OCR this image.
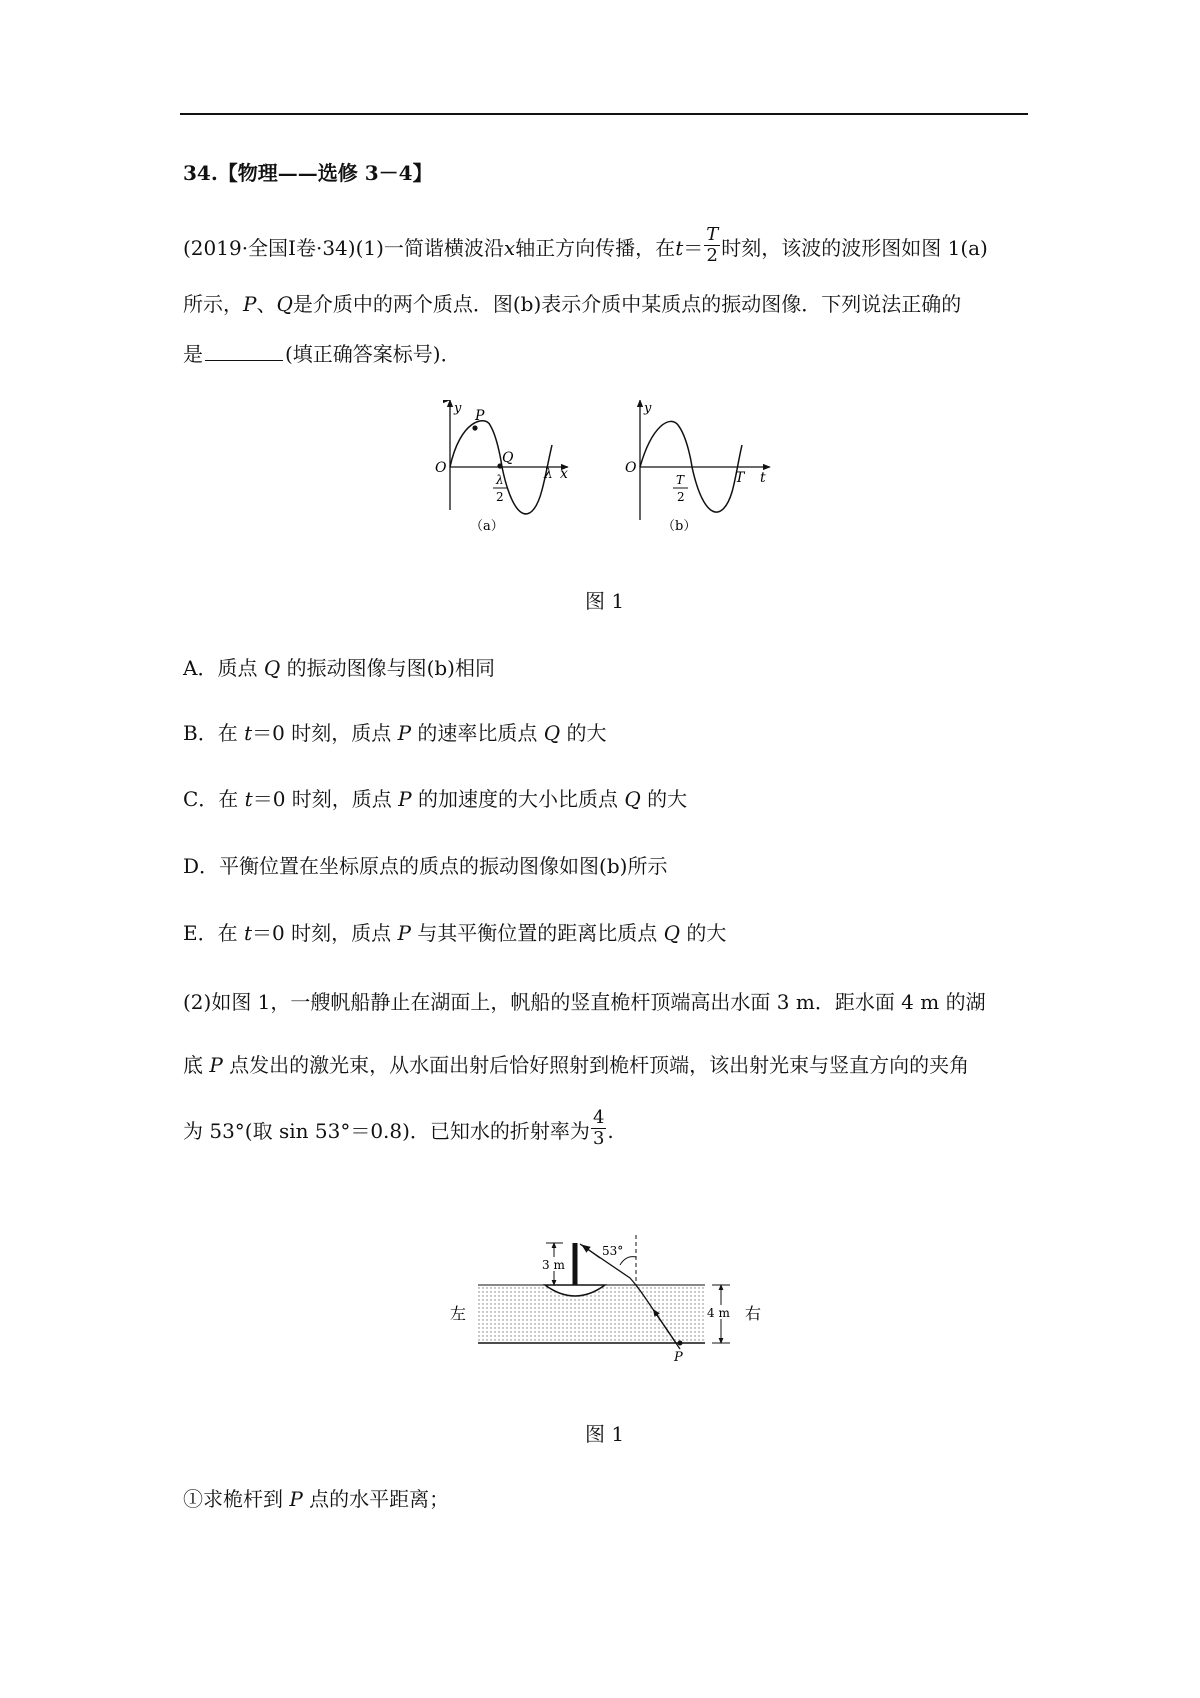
34.【物理——选修 3－4】
(2019·全国Ⅰ卷·34)(1)一简谐横波沿x轴正方向传播，在$t= \frac{T}{2}$ 时刻，该波的波形图如图 1(a)
所示，P、Q是介质中的两个质点．图(b)表示介质中某质点的振动图像．下列说法正确的
是	(填正确答案标号)．
y
O
P
Q
λ
2
λ x
（a）
y
O
T
2
T t
（b）
图 1
A．质点 Q 的振动图像与图(b)相同
B．在 t＝0 时刻，质点 P 的速率比质点 Q 的大
C．在 t＝0 时刻，质点 P 的加速度的大小比质点 Q 的大
D．平衡位置在坐标原点的质点的振动图像如图(b)所示
E．在 t＝0 时刻，质点 P 与其平衡位置的距离比质点 Q 的大
(2)如图 1，一艘帆船静止在湖面上，帆船的竖直桅杆顶端高出水面 3 m．距水面 4 m 的湖
底 P 点发出的激光束，从水面出射后恰好照射到桅杆顶端，该出射光束与竖直方向的夹角
为 53°(取 sin 53°＝0.8)．已知水的折射率为 $\frac{4}{3}$ .
3 m
53°
4 m
左	右
P
图 1
①求桅杆到 P 点的水平距离；
